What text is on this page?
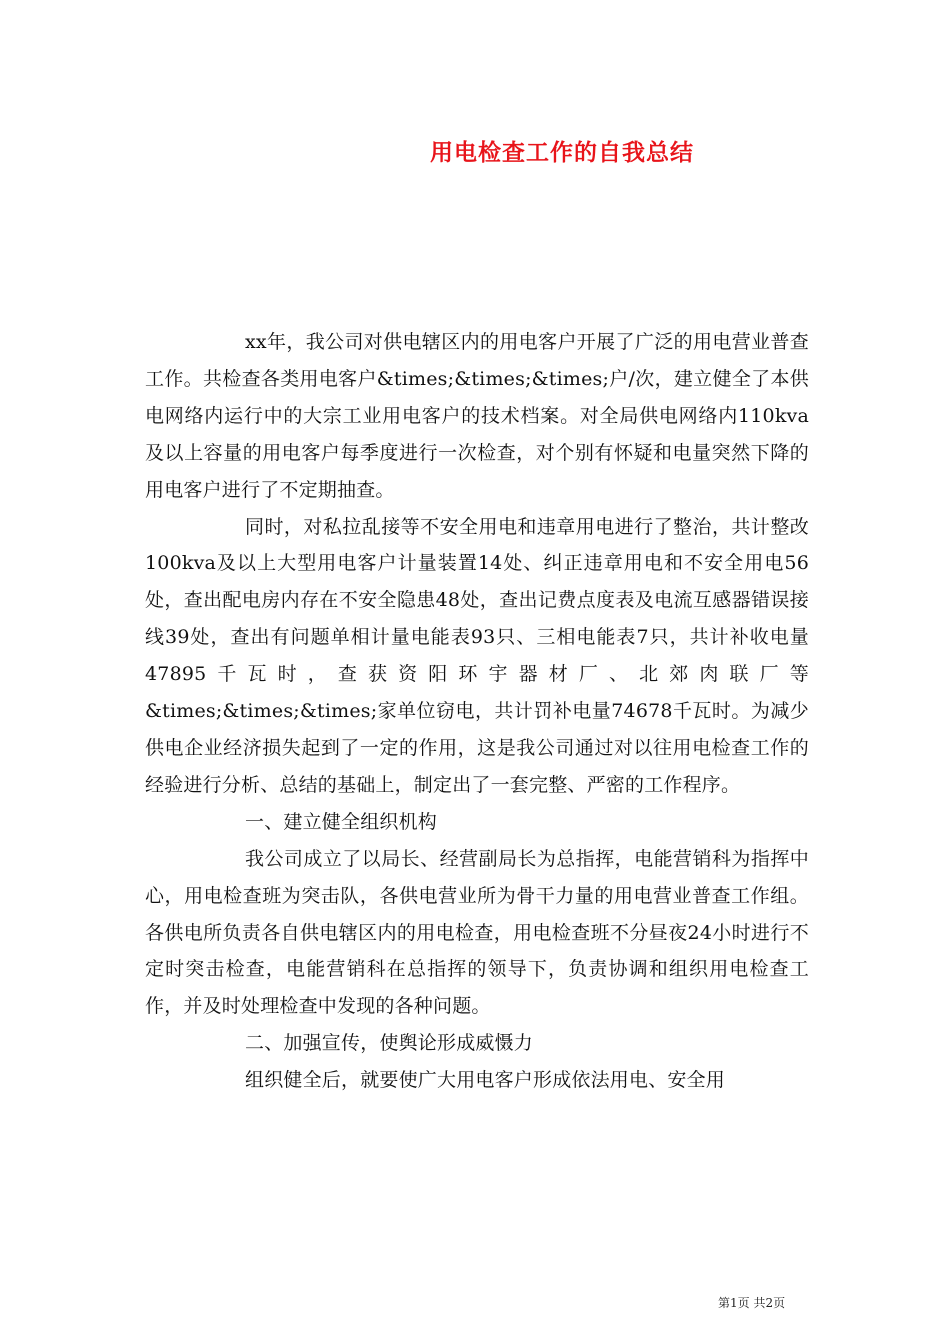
用电检查工作的自我总结

xx年，我公司对供电辖区内的用电客户开展了广泛的用电营业普查工作。共检查各类用电客户&times;&times;&times;户/次，建立健全了本供电网络内运行中的大宗工业用电客户的技术档案。对全局供电网络内110kva及以上容量的用电客户每季度进行一次检查，对个别有怀疑和电量突然下降的用电客户进行了不定期抽查。

同时，对私拉乱接等不安全用电和违章用电进行了整治，共计整改100kva及以上大型用电客户计量装置14处、纠正违章用电和不安全用电56处，查出配电房内存在不安全隐患48处，查出记费点度表及电流互感器错误接线39处，查出有问题单相计量电能表93只、三相电能表7只，共计补收电量47895千瓦时，查获资阳环宇器材厂、北郊肉联厂等&times;&times;&times;家单位窃电，共计罚补电量74678千瓦时。为减少供电企业经济损失起到了一定的作用，这是我公司通过对以往用电检查工作的经验进行分析、总结的基础上，制定出了一套完整、严密的工作程序。

一、建立健全组织机构

我公司成立了以局长、经营副局长为总指挥，电能营销科为指挥中心，用电检查班为突击队，各供电营业所为骨干力量的用电营业普查工作组。各供电所负责各自供电辖区内的用电检查，用电检查班不分昼夜24小时进行不定时突击检查，电能营销科在总指挥的领导下，负责协调和组织用电检查工作，并及时处理检查中发现的各种问题。

二、加强宣传，使舆论形成威慑力

组织健全后，就要使广大用电客户形成依法用电、安全用

第1页 共2页
